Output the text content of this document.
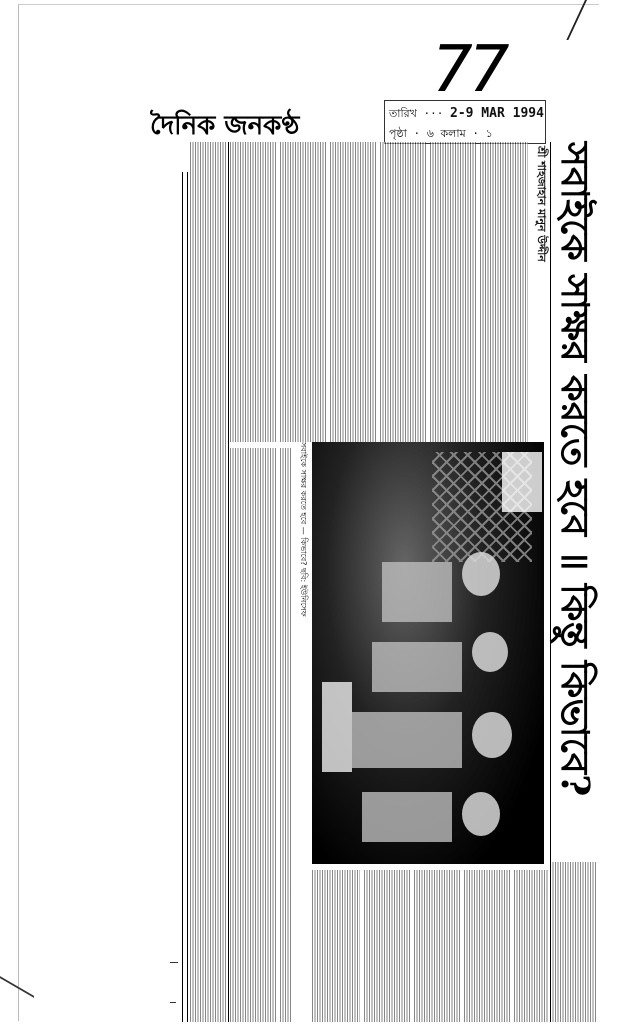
77
দৈনিক জনকণ্ঠ	তারিখ ··· 2-9 MAR 1994
পৃষ্ঠা · ৬ কলাম · ১
সবাইকে সাক্ষর করতে হবে ॥ কিন্তু কিভাবে?
শ্রী শাহজাহান মানুন উদ্দীন
সবাইকে সাক্ষর করতে হবে — কিভাবে? ছবি: ইউনিসেফ
